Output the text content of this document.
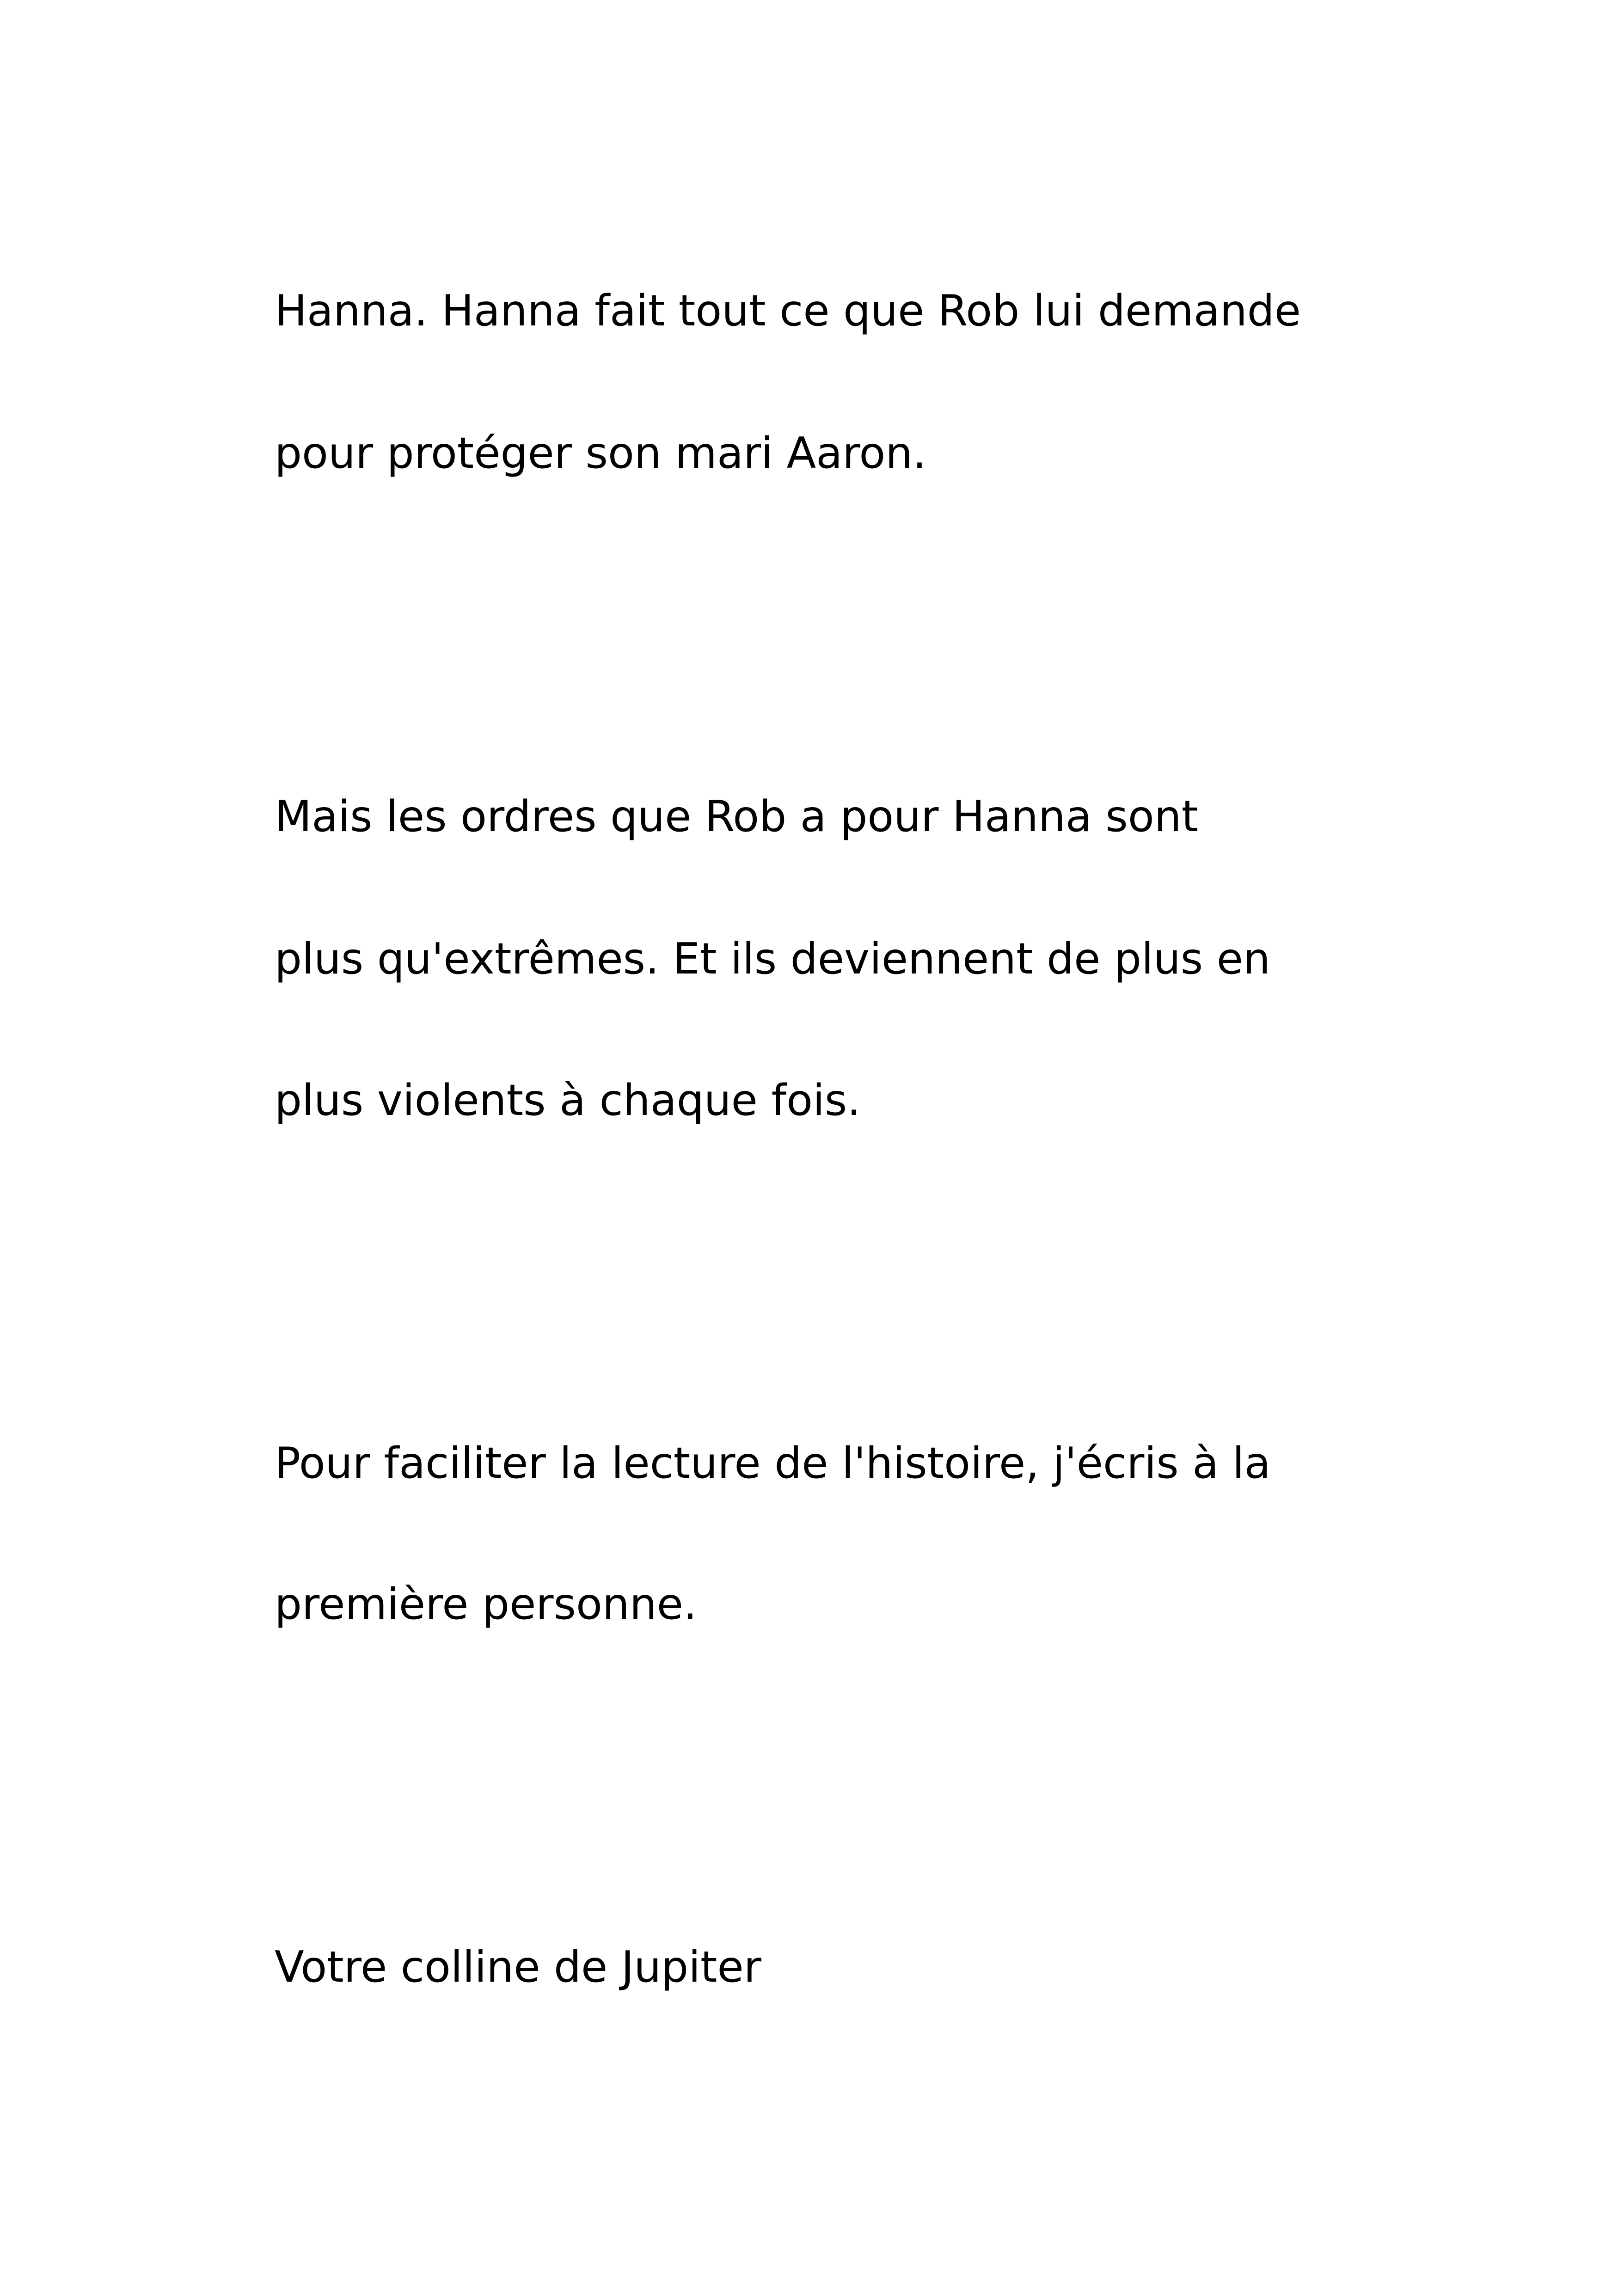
Hanna. Hanna fait tout ce que Rob lui demande

pour protéger son mari Aaron.

Mais les ordres que Rob a pour Hanna sont

plus qu'extrêmes. Et ils deviennent de plus en

plus violents à chaque fois.

Pour faciliter la lecture de l'histoire, j'écris à la

première personne.

Votre colline de Jupiter
